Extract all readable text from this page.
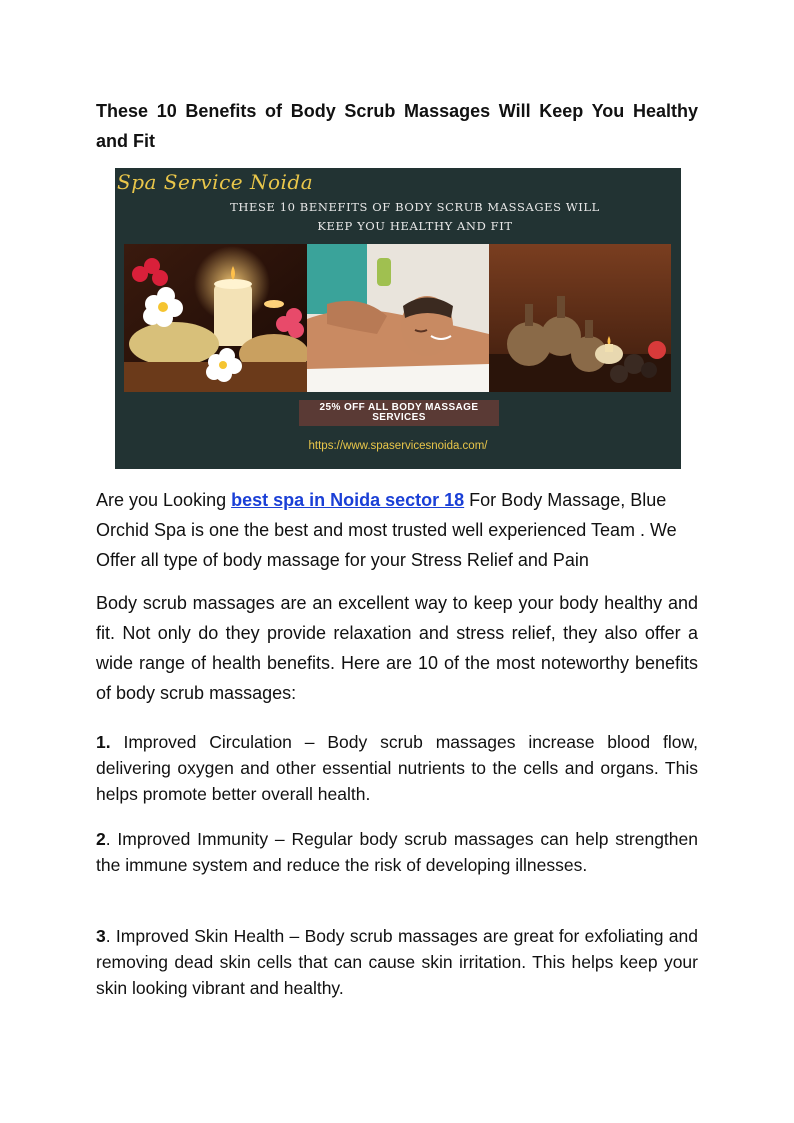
These 10 Benefits of Body Scrub Massages Will Keep You Healthy and Fit
Spa Service Noida
THESE 10 BENEFITS OF BODY SCRUB MASSAGES WILL
KEEP YOU HEALTHY AND FIT
25% OFF ALL BODY MASSAGE
SERVICES
https://www.spaservicesnoida.com/

Are you Looking best spa in Noida sector 18 For Body Massage, Blue Orchid Spa is one the best and most trusted well experienced Team . We Offer all type of body massage for your Stress Relief and Pain

Body scrub massages are an excellent way to keep your body healthy and fit. Not only do they provide relaxation and stress relief, they also offer a wide range of health benefits. Here are 10 of the most noteworthy benefits of body scrub massages:

1. Improved Circulation – Body scrub massages increase blood flow, delivering oxygen and other essential nutrients to the cells and organs. This helps promote better overall health.

2. Improved Immunity – Regular body scrub massages can help strengthen the immune system and reduce the risk of developing illnesses.

3. Improved Skin Health – Body scrub massages are great for exfoliating and removing dead skin cells that can cause skin irritation. This helps keep your skin looking vibrant and healthy.
